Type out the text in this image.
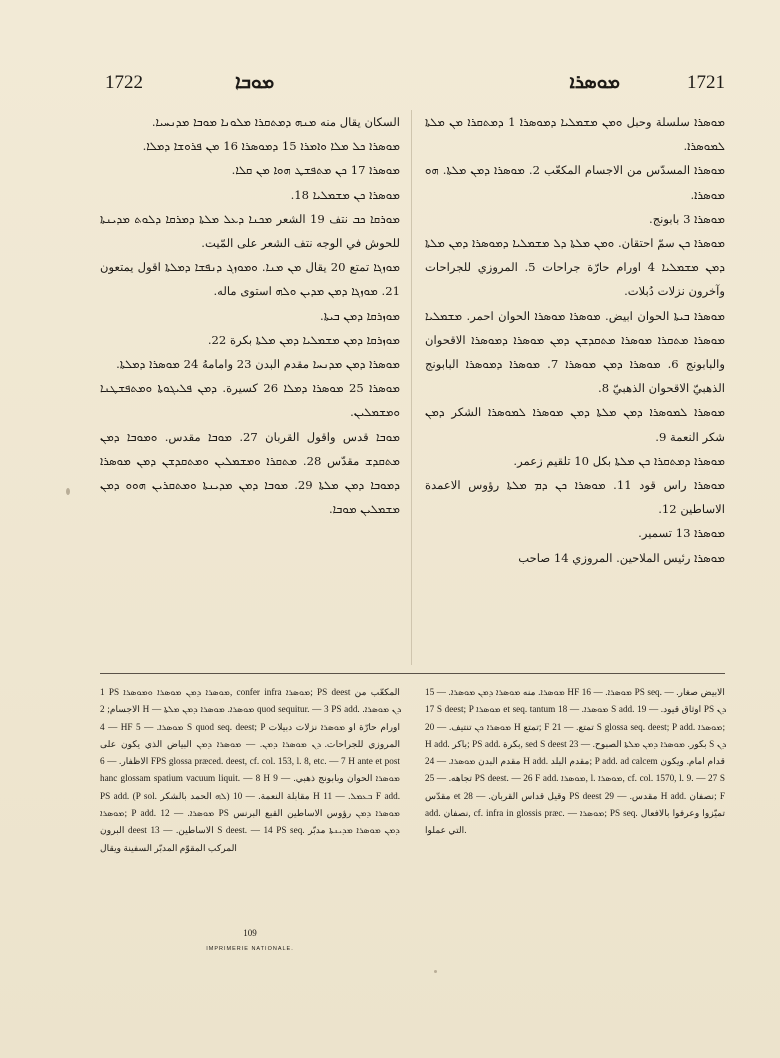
1722	ܡܘܒܐ	ܡܘܣܪܐ	1721

السكان يقال منه ܡܢܗ ܕܡܬܩܪܐ ܡܠܘܢܐ ܡܘܒܐ ܡܕܢܚܝܐ.

ܡܘܣܪܐ ܟܠ ܡܠܐ ܘܐܡܪܐ 15 ܕܡܘܣܪܐ 16 ܡܢ ܦܪܘܫܐ ܕܡܠܐ.

ܡܘܣܪܐ 17 ܟܢ ܡܬܦܫܛ ܗܘܐ ܡܢ ܩܠܐ.

ܡܘܣܪܐ ܟܢ ܡܫܡܠܝܐ 18.

ܡܘܪܩܐ ܟܒ نتف 19 الشعر ܡܟܢܐ ܕܥܠ ܡܠܬܐ ܕܡܪܩܐ ܕܠܘܬ ܡܕܝܢܬܐ للحوش في الوجه نتف الشعر على المّيت.

ܡܘܙܓܐ تمتع 20 يقال ܡܢ ܡܢܐ. ܘܡܘܙܓ ܕܢܦܫܐ ܕܡܠܬܐ اقول يمتعون 21. ܡܘܙܓܐ ܕܡܢ ܡܕܝܢ ܘܠܗ استوى ماله.

ܡܘܙܪܩܐ ܕܡܢ ܒܝܬܐ.

ܡܘܙܪܩܐ ܕܡܢ ܡܫܡܠܝܐ ܕܡܢ ܡܠܬܐ بكرة 22.

ܡܘܣܪܐ ܕܡܢ ܡܕܢܚܐ مقدم البدن 23 وامامهُ 24 ܡܘܣܪܐ ܕܡܠܬܐ.

ܡܘܣܪܐ 25 ܡܘܣܪܐ ܕܡܠܐ 26 كسيرة. ܕܡܢ ܦܠܝܓܘܬܐ ܘܡܬܦܫܛܢܐ ܘܡܫܡܠܝܢ.

ܡܘܒܐ قدس واقول القربان 27. ܡܘܒܐ مقدس. ܘܡܘܒܐ ܕܡܢ ܡܬܩܕܫ مقدّس 28. ܡܬܩܪܐ ܘܡܫܡܠܝܢ ܘܡܬܩܕܫܢ ܕܡܢ ܡܘܣܪܐ ܕܡܘܒܐ ܕܡܢ ܡܠܬܐ 29. ܡܘܒܐ ܕܡܢ ܡܕܝܢܬܐ ܘܡܬܩܪܝܢ ܗܘܘ ܕܡܢ ܡܫܡܠܝܢ ܡܘܒܐ.

ܡܘܣܪܐ سلسلة وحبل ܘܡܢ ܡܫܡܠܝܐ ܕܡܘܣܪܐ 1 ܕܡܬܩܪܐ ܡܢ ܡܠܬܐ ܠܡܘܣܪܐ.

ܡܘܣܪܐ المسدّس من الاجسام المكعّب 2. ܡܘܣܪܐ ܕܡܢ ܡܠܬܐ. ܗܘ ܡܘܣܪܐ.

ܡܘܣܪܐ 3 بابونج.

ܡܘܣܪܐ ܟܢ سمّ احتقان. ܘܡܢ ܡܠܬܐ ܕܠ ܡܫܡܠܝܐ ܕܡܘܣܪܐ ܕܡܢ ܡܠܬܐ ܕܡܢ ܡܫܡܠܝܐ 4 اورام حارّة جراحات 5. المروزي للجراحات وآخرون نزلات دُبلات.

ܡܘܣܪܐ ܒܝܬܐ الحوان ابيض. ܡܘܣܪܐ ܡܘܣܪܐ الحوان احمر. ܡܫܡܠܝܐ ܡܘܣܪܐ ܡܬܩܪܐ ܡܘܣܪܐ ܡܬܩܕܫܢ ܕܡܢ ܡܘܣܪܐ ܕܡܘܣܪܐ الاقحوان والبابونج 6. ܡܘܣܪܐ ܕܡܢ ܡܘܣܪܐ 7. ܡܘܣܪܐ ܕܡܘܣܪܐ البابونج الذهبيّ الاقحوان الذهبيّ 8.

ܡܘܣܪܐ ܠܡܘܣܪܐ ܕܡܢ ܡܠܬܐ ܕܡܢ ܡܘܣܪܐ ܠܡܘܣܪܐ الشكر ܕܡܢ شكر النعمة 9.

ܡܘܣܪܐ ܕܡܬܩܪܐ ܟܢ ܡܠܬܐ بكل 10 تلقيم زعمر.

ܡܘܣܪܐ راس قود 11. ܡܘܣܪܐ ܟܢ ܕܡ ܡܠܬܐ رؤوس الاعمدة الاساطين 12.

ܡܘܣܪܐ 13 تسمير.

ܡܘܣܪܐ رئيس الملاحين. المروزي 14 صاحب

1 PS ܡܘܣܪܐ ܕܡܢ ܡܘܣܪܐ ܘܡܘܣܪܐ, confer infra ܡܘܣܪܐ; PS deest المكعّب من الاجسام; 2 H — ܡܘܣܪܐ. ܡܘܣܪܐ ܕܡܢ ܡܠܬܐ quod sequitur. — 3 PS add. ܕܢ ܡܘܣܪܐ. — 4 HF ܡܘܣܪܐ. — 5 S quod seq. deest; P اورام حارّة او ܡܘܣܪܐ نزلات دبيلات المروزي للجراحات. ܕܢ ܡܘܣܪܐ ܕܡܢ. — ܡܘܣܪܐ ܕܡܢ البياض الذي يكون على الاظفار. — 6 FPS glossa præced. deest, cf. col. 153, l. 8, etc. — 7 H ante et post hanc glossam spatium vacuum liquit. — 8 H ܡܘܣܪܐ الحوان وبابونج ذهبي. — 9 PS add. (P sol. ܠܗ الحمد بالشكر) مقابلة النعمة. — 10 H ܒܥܡܠ. — 11 F add. ܡܘܣܪܐ; P add. ܡܘܣܪܐ. — 12 PS ܡܘܣܪܐ ܕܡܢ رؤوس الاساطين القبع البرنس البرون deest الاساطين. — 13 S deest. — 14 PS seq. ܕܡܢ ܡܘܣܪܐ ܡܕܝܢܬܐ مدبّر المركب المقوّم المدبّر السفينة ويقال

ܡܘܣܪܐ. منه ܡܘܣܪܐ ܕܡܢ ܡܘܣܪܐ. — 15 HF ܡܘܣܪܐ. — 16 PS seq. الابيض صغار. — 17 S deest; P ܡܘܣܪܐ et seq. tantum ܡܘܣܪܐ. — 18 S add. اوثاق قيود. — 19 PS ܕܢ ܡܘܣܪܐ ܟܢ تنتيف. — 20 H تمتع; F تمتع. — 21 S glossa seq. deest; P add. ܡܘܣܪܐ; H add. باكر; PS add. بكرة, sed S deest بكور. ܡܘܣܪܐ ܕܡܢ ܡܠܬܐ الصبوح. — 23 S ܕܢ مقدم البدن ܡܘܣܪܐ. — 24 H add. مقدم البلد; P add. ad calcem قدام امام. ويكون تجاهه. — 25 PS deest. — 26 F add. ܡܘܣܪܐ, l. ܡܘܣܪܐ, cf. col. 1570, l. 9. — 27 S مقدّس et وقيل قداس القربان. — 28 PS deest مقدس. — 29 H add. نصفان; F add. نصفان, cf. infra in glossis præc. — ܡܘܣܪܐ; PS seq. تميّزوا وعرفوا بالافعال التي عملوا.

109
IMPRIMERIE NATIONALE.
